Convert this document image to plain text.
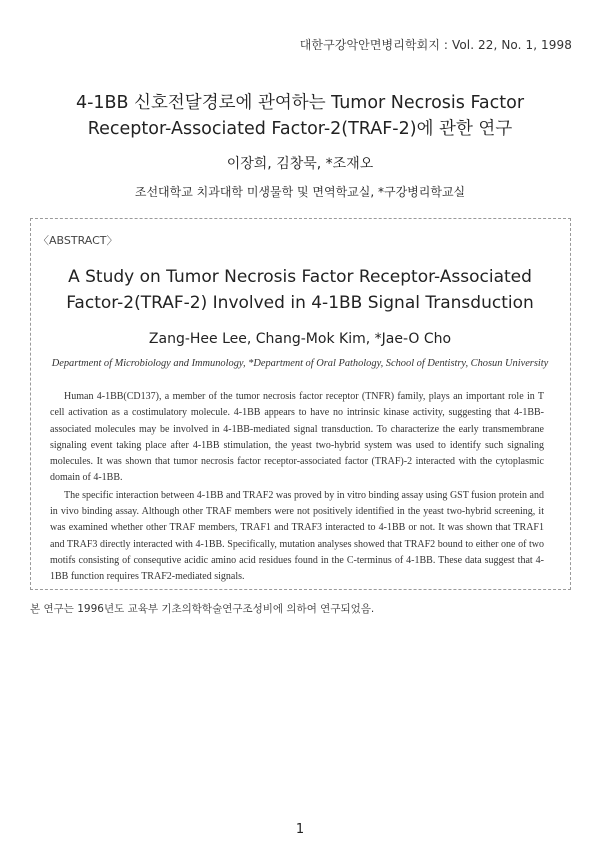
대한구강악안면병리학회지 : Vol. 22, No. 1, 1998
4-1BB 신호전달경로에 관여하는 Tumor Necrosis Factor
Receptor-Associated Factor-2(TRAF-2)에 관한 연구
이장희, 김창묵, *조재오
조선대학교 치과대학 미생물학 및 면역학교실, *구강병리학교실
〈ABSTRACT〉
A Study on Tumor Necrosis Factor Receptor-Associated
Factor-2(TRAF-2) Involved in 4-1BB Signal Transduction
Zang-Hee Lee, Chang-Mok Kim, *Jae-O Cho
Department of Microbiology and Immunology, *Department of Oral Pathology, School of Dentistry, Chosun University

Human 4-1BB(CD137), a member of the tumor necrosis factor receptor (TNFR) family, plays an important role in T cell activation as a costimulatory molecule. 4-1BB appears to have no intrinsic kinase activity, suggesting that 4-1BB-associated molecules may be involved in 4-1BB-mediated signal transduction. To characterize the early transmembrane signaling event taking place after 4-1BB stimulation, the yeast two-hybrid system was used to identify such signaling molecules. It was shown that tumor necrosis factor receptor-associated factor (TRAF)-2 interacted with the cytoplasmic domain of 4-1BB.

The specific interaction between 4-1BB and TRAF2 was proved by in vitro binding assay using GST fusion protein and in vivo binding assay. Although other TRAF members were not positively identified in the yeast two-hybrid screening, it was examined whether other TRAF members, TRAF1 and TRAF3 interacted to 4-1BB or not. It was shown that TRAF1 and TRAF3 directly interacted with 4-1BB. Specifically, mutation analyses showed that TRAF2 bound to either one of two motifs consisting of consequtive acidic amino acid residues found in the C-terminus of 4-1BB. These data suggest that 4-1BB function requires TRAF2-mediated signals.

본 연구는 1996년도 교육부 기초의학학술연구조성비에 의하여 연구되었음.
1
